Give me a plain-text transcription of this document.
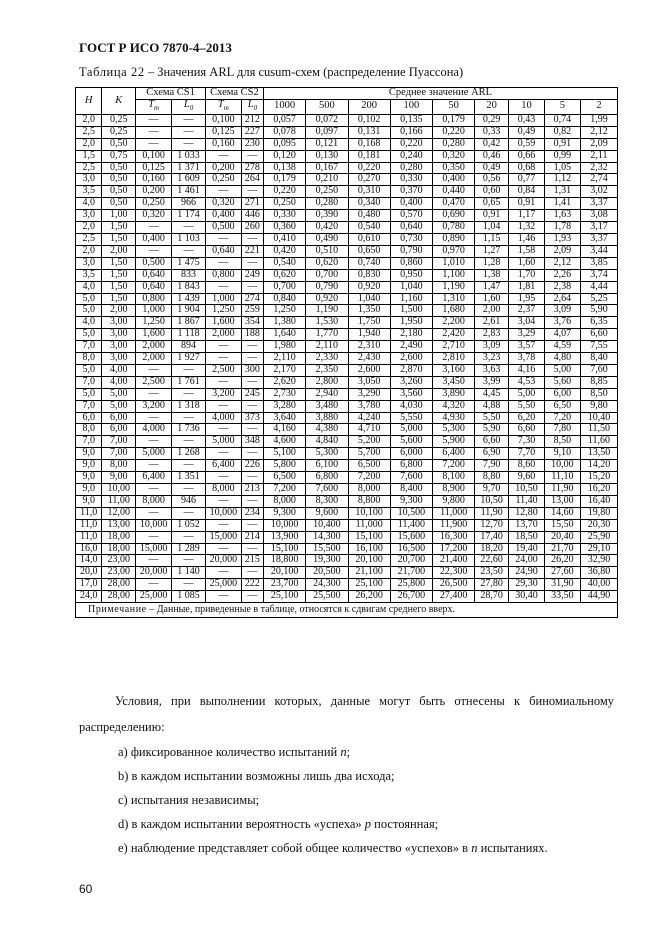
ГОСТ Р ИСО 7870-4–2013
Таблица 22 – Значения ARL для cusum-схем (распределение Пуассона)
H	K	Схема CS1		Схема CS2		Среднее значение ARL								
		$T_m$	$L_0$	$T_m$	$L_0$	1000	500	200	100	50	20	10	5	2
2,0	0,25	—	—	0,100	212	0,057	0,072	0,102	0,135	0,179	0,29	0,43	0,74	1,99
2,5	0,25	—	—	0,125	227	0,078	0,097	0,131	0,166	0,220	0,33	0,49	0,82	2,12
2,0	0,50	—	—	0,160	230	0,095	0,121	0,168	0,220	0,280	0,42	0,59	0,91	2,09
1,5	0,75	0,100	1 033	—	—	0,120	0,130	0,181	0,240	0,320	0,46	0,66	0,99	2,11
2,5	0,50	0,125	1 371	0,200	278	0,138	0,167	0,220	0,280	0,350	0,49	0,68	1,05	2,32
3,0	0,50	0,160	1 609	0,250	264	0,179	0,210	0,270	0,330	0,400	0,56	0,77	1,12	2,74
3,5	0,50	0,200	1 461	—	—	0,220	0,250	0,310	0,370	0,440	0,60	0,84	1,31	3,02
4,0	0,50	0,250	966	0,320	271	0,250	0,280	0,340	0,400	0,470	0,65	0,91	1,41	3,37
3,0	1,00	0,320	1 174	0,400	446	0,330	0,390	0,480	0,570	0,690	0,91	1,17	1,63	3,08
2,0	1,50	—	—	0,500	260	0,360	0,420	0,540	0,640	0,780	1,04	1,32	1,78	3,17
2,5	1,50	0,400	1 103	—	—	0,410	0,490	0,610	0,730	0,890	1,15	1,46	1,93	3,37
2,0	2,00	—	—	0,640	221	0,420	0,510	0,650	0,790	0,970	1,27	1,58	2,09	3,44
3,0	1,50	0,500	1 475	—	—	0,540	0,620	0,740	0,860	1,010	1,28	1,60	2,12	3,85
3,5	1,50	0,640	833	0,800	249	0,620	0,700	0,830	0,950	1,100	1,38	1,70	2,26	3,74
4,0	1,50	0,640	1 843	—	—	0,700	0,790	0,920	1,040	1,190	1,47	1,81	2,38	4,44
5,0	1,50	0,800	1 439	1,000	274	0,840	0,920	1,040	1,160	1,310	1,60	1,95	2,64	5,25
5,0	2,00	1,000	1 904	1,250	259	1,250	1,190	1,350	1,500	1,680	2,00	2,37	3,09	5,90
4,0	3,00	1,250	1 867	1,600	354	1,380	1,530	1,750	1,950	2,200	2,61	3,04	3,76	6,35
5,0	3,00	1,600	1 118	2,000	188	1,640	1,770	1,940	2,180	2,420	2,83	3,29	4,07	6,60
7,0	3,00	2,000	894	—	—	1,980	2,110	2,310	2,490	2,710	3,09	3,57	4,59	7,55
8,0	3,00	2,000	1 927	—	—	2,110	2,330	2,430	2,600	2,810	3,23	3,78	4,80	8,40
5,0	4,00	—	—	2,500	300	2,170	2,350	2,600	2,870	3,160	3,63	4,16	5,00	7,60
7,0	4,00	2,500	1 761	—	—	2,620	2,800	3,050	3,260	3,450	3,99	4,53	5,60	8,85
5,0	5,00	—	—	3,200	245	2,730	2,940	3,290	3,560	3,890	4,45	5,00	6,00	8,50
7,0	5,00	3,200	1 318	—	—	3,280	3,480	3,780	4,030	4,320	4,88	5,50	6,50	9,80
6,0	6,00	—	—	4,000	373	3,640	3,880	4,240	5,550	4,930	5,50	6,20	7,20	10,40
8,0	6,00	4,000	1 736	—	—	4,160	4,380	4,710	5,000	5,300	5,90	6,60	7,80	11,50
7,0	7,00	—	—	5,000	348	4,600	4,840	5,200	5,600	5,900	6,60	7,30	8,50	11,60
9,0	7,00	5,000	1 268	—	—	5,100	5,300	5,700	6,000	6,400	6,90	7,70	9,10	13,50
9,0	8,00	—	—	6,400	226	5,800	6,100	6,500	6,800	7,200	7,90	8,60	10,00	14,20
9,0	9,00	6,400	1 351	—	—	6,500	6,800	7,200	7,600	8,100	8,80	9,60	11,10	15,20
9,0	10,00	—	—	8,000	213	7,200	7,600	8,000	8,400	8,900	9,70	10,50	11,90	16,20
9,0	11,00	8,000	946	—	—	8,000	8,300	8,800	9,300	9,800	10,50	11,40	13,00	16,40
11,0	12,00	—	—	10,000	234	9,300	9,600	10,100	10,500	11,000	11,90	12,80	14,60	19,80
11,0	13,00	10,000	1 052	—	—	10,000	10,400	11,000	11,400	11,900	12,70	13,70	15,50	20,30
11,0	18,00	—	—	15,000	214	13,900	14,300	15,100	15,600	16,300	17,40	18,50	20,40	25,90
16,0	18,00	15,000	1 289	—	—	15,100	15,500	16,100	16,500	17,200	18,20	19,40	21,70	29,10
14,0	23,00	—	—	20,000	215	18,800	19,300	20,100	20,700	21,400	22,60	24,00	26,20	32,90
20,0	23,00	20,000	1 140	—	—	20,100	20,500	21,100	21,700	22,300	23,50	24,90	27,60	36,80
17,0	28,00	—	—	25,000	222	23,700	24,300	25,100	25,800	26,500	27,80	29,30	31,90	40,00
24,0	28,00	25,000	1 085	—	—	25,100	25,500	26,200	26,700	27,400	28,70	30,40	33,50	44,90
Примечание – Данные, приведенные в таблице, относятся к сдвигам среднего вверх.														
Условия, при выполнении которых, данные могут быть отнесены к биномиальному распределению:
a) фиксированное количество испытаний n;
b) в каждом испытании возможны лишь два исхода;
c) испытания независимы;
d) в каждом испытании вероятность «успеха» p постоянная;
e) наблюдение представляет собой общее количество «успехов» в n испытаниях.
60
